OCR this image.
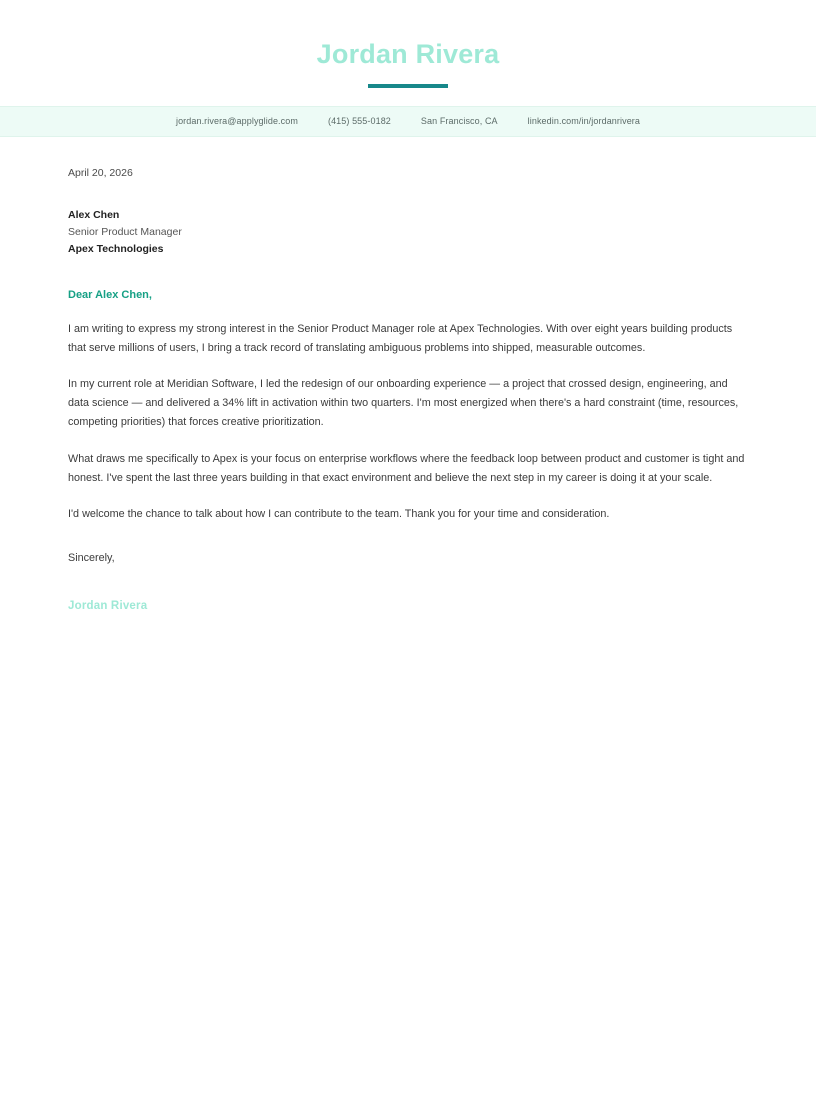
Jordan Rivera
jordan.rivera@applyglide.com	(415) 555-0182	San Francisco, CA	linkedin.com/in/jordanrivera
April 20, 2026
Alex Chen
Senior Product Manager
Apex Technologies
Dear Alex Chen,

I am writing to express my strong interest in the Senior Product Manager role at Apex Technologies. With over eight years building products that serve millions of users, I bring a track record of translating ambiguous problems into shipped, measurable outcomes.

In my current role at Meridian Software, I led the redesign of our onboarding experience — a project that crossed design, engineering, and data science — and delivered a 34% lift in activation within two quarters. I'm most energized when there's a hard constraint (time, resources, competing priorities) that forces creative prioritization.

What draws me specifically to Apex is your focus on enterprise workflows where the feedback loop between product and customer is tight and honest. I've spent the last three years building in that exact environment and believe the next step in my career is doing it at your scale.

I'd welcome the chance to talk about how I can contribute to the team. Thank you for your time and consideration.

Sincerely,
Jordan Rivera
